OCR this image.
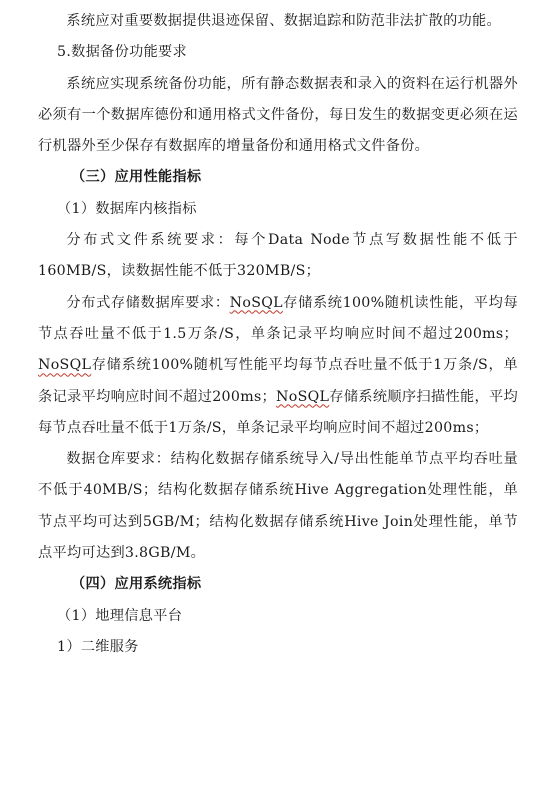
系统应对重要数据提供退迹保留、数据追踪和防范非法扩散的功能。

5.数据备份功能要求

系统应实现系统备份功能，所有静态数据表和录入的资料在运行机器外必须有一个数据库德份和通用格式文件备份，每日发生的数据变更必须在运行机器外至少保存有数据库的增量备份和通用格式文件备份。

（三）应用性能指标

（1）数据库内核指标

分布式文件系统要求：每个Data Node节点写数据性能不低于160MB/S，读数据性能不低于320MB/S；

分布式存储数据库要求：NoSQL存储系统100%随机读性能，平均每节点吞吐量不低于1.5万条/S，单条记录平均响应时间不超过200ms；NoSQL存储系统100%随机写性能平均每节点吞吐量不低于1万条/S，单条记录平均响应时间不超过200ms；NoSQL存储系统顺序扫描性能，平均每节点吞吐量不低于1万条/S，单条记录平均响应时间不超过200ms；

数据仓库要求：结构化数据存储系统导入/导出性能单节点平均吞吐量不低于40MB/S；结构化数据存储系统Hive Aggregation处理性能，单节点平均可达到5GB/M；结构化数据存储系统Hive Join处理性能，单节点平均可达到3.8GB/M。

（四）应用系统指标

（1）地理信息平台

1）二维服务
